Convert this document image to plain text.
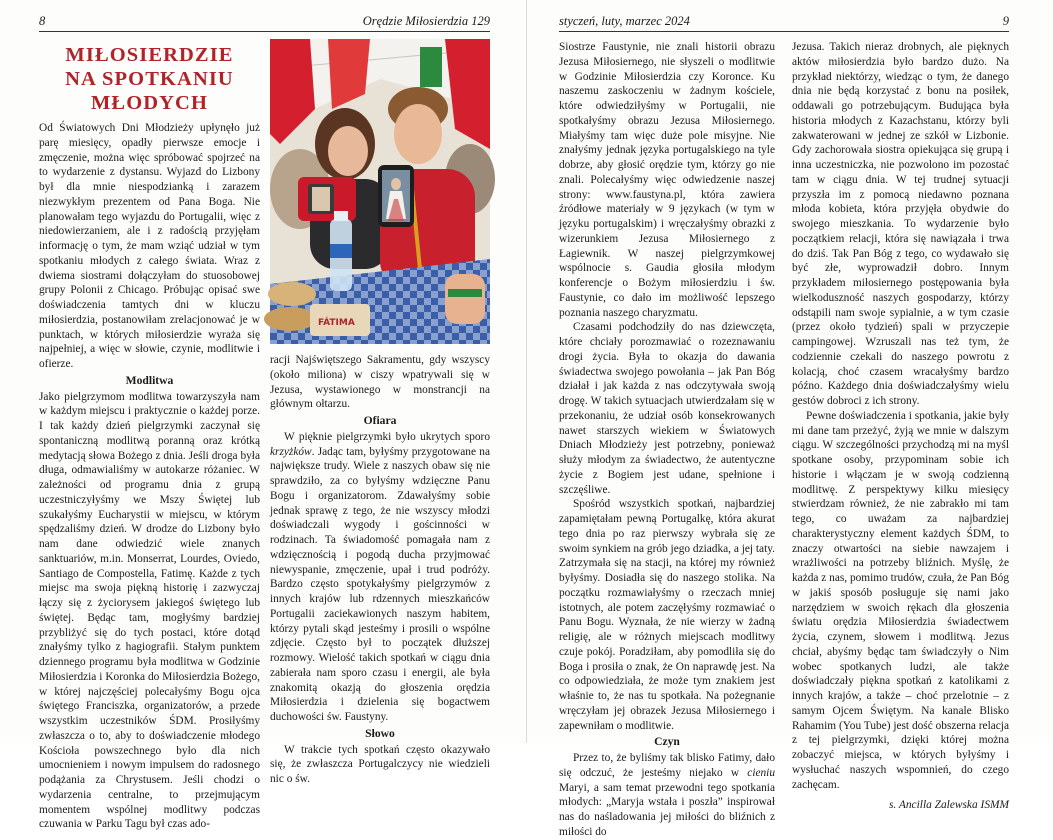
8	Orędzie Miłosierdzia 129
MIŁOSIERDZIE
NA SPOTKANIU MŁODYCH

Od Światowych Dni Młodzieży upłynęło już parę miesięcy, opadły pierwsze emocje i zmęczenie, można więc spróbować spojrzeć na to wydarzenie z dystansu. Wyjazd do Lizbony był dla mnie niespodzianką i zarazem niezwykłym prezentem od Pana Boga. Nie planowałam tego wyjazdu do Portugalii, więc z niedowierzaniem, ale i z radością przyjęłam informację o tym, że mam wziąć udział w tym spotkaniu młodych z całego świata. Wraz z dwiema siostrami dołączyłam do stuosobowej grupy Polonii z Chicago. Próbując opisać swe doświadczenia tamtych dni w kluczu miłosierdzia, postanowiłam zrelacjonować je w punktach, w których miłosierdzie wyraża się najpełniej, a więc w słowie, czynie, modlitwie i ofierze.

Modlitwa

Jako pielgrzymom modlitwa towarzyszyła nam w każdym miejscu i praktycznie o każdej porze. I tak każdy dzień pielgrzymki zaczynał się spontaniczną modlitwą poranną oraz krótką medytacją słowa Bożego z dnia. Jeśli droga była długa, odmawialiśmy w autokarze różaniec. W zależności od programu dnia z grupą uczestniczyłyśmy we Mszy Świętej lub szukałyśmy Eucharystii w miejscu, w którym spędzaliśmy dzień. W drodze do Lizbony było nam dane odwiedzić wiele znanych sanktuariów, m.in. Monserrat, Lourdes, Oviedo, Santiago de Compostella, Fatimę. Każde z tych miejsc ma swoja piękną historię i zazwyczaj łączy się z życiorysem jakiegoś świętego lub świętej. Będąc tam, mogłyśmy bardziej przybliżyć się do tych postaci, które dotąd znałyśmy tylko z hagiografii. Stałym punktem dziennego programu była modlitwa w Godzinie Miłosierdzia i Koronka do Miłosierdzia Bożego, w której najczęściej polecałyśmy Bogu ojca świętego Franciszka, organizatorów, a przede wszystkim uczestników ŚDM. Prosiłyśmy zwłaszcza o to, aby to doświadczenie młodego Kościoła powszechnego było dla nich umocnieniem i nowym impulsem do radosnego podążania za Chrystusem. Jeśli chodzi o wydarzenia centralne, to przejmującym momentem wspólnej modlitwy podczas czuwania w Parku Tagu był czas ado-

FÁTIMA

racji Najświętszego Sakramentu, gdy wszyscy (około miliona) w ciszy wpatrywali się w Jezusa, wystawionego w monstrancji na głównym ołtarzu.

Ofiara

W pięknie pielgrzymki było ukrytych sporo krzyżków. Jadąc tam, byłyśmy przygotowane na największe trudy. Wiele z naszych obaw się nie sprawdziło, za co byłyśmy wdzięczne Panu Bogu i organizatorom. Zdawałyśmy sobie jednak sprawę z tego, że nie wszyscy młodzi doświadczali wygody i gościnności w rodzinach. Ta świadomość pomagała nam z wdzięcznością i pogodą ducha przyjmować niewyspanie, zmęczenie, upał i trud podróży. Bardzo często spotykałyśmy pielgrzymów z innych krajów lub rdzennych mieszkańców Portugalii zaciekawionych naszym habitem, którzy pytali skąd jesteśmy i prosili o wspólne zdjęcie. Często był to początek dłuższej rozmowy. Wielość takich spotkań w ciągu dnia zabierała nam sporo czasu i energii, ale była znakomitą okazją do głoszenia orędzia Miłosierdzia i dzielenia się bogactwem duchowości św. Faustyny.

Słowo

W trakcie tych spotkań często okazywało się, że zwłaszcza Portugalczycy nie wiedzieli nic o św.

styczeń, luty, marzec 2024	9

Siostrze Faustynie, nie znali historii obrazu Jezusa Miłosiernego, nie słyszeli o modlitwie w Godzinie Miłosierdzia czy Koronce. Ku naszemu zaskoczeniu w żadnym kościele, które odwiedziłyśmy w Portugalii, nie spotkałyśmy obrazu Jezusa Miłosiernego. Miałyśmy tam więc duże pole misyjne. Nie znałyśmy jednak języka portugalskiego na tyle dobrze, aby głosić orędzie tym, którzy go nie znali. Polecałyśmy więc odwiedzenie naszej strony: www.faustyna.pl, która zawiera źródłowe materiały w 9 językach (w tym w języku portugalskim) i wręczałyśmy obrazki z wizerunkiem Jezusa Miłosiernego z Łagiewnik. W naszej pielgrzymkowej wspólnocie s. Gaudia głosiła młodym konferencje o Bożym miłosierdziu i św. Faustynie, co dało im możliwość lepszego poznania naszego charyzmatu.

Czasami podchodziły do nas dziewczęta, które chciały porozmawiać o rozeznawaniu drogi życia. Była to okazja do dawania świadectwa swojego powołania – jak Pan Bóg działał i jak każda z nas odczytywała swoją drogę. W takich sytuacjach utwierdzałam się w przekonaniu, że udział osób konsekrowanych nawet starszych wiekiem w Światowych Dniach Młodzieży jest potrzebny, ponieważ służy młodym za świadectwo, że autentyczne życie z Bogiem jest udane, spełnione i szczęśliwe.

Spośród wszystkich spotkań, najbardziej zapamiętałam pewną Portugalkę, która akurat tego dnia po raz pierwszy wybrała się ze swoim synkiem na grób jego dziadka, a jej taty. Zatrzymała się na stacji, na której my również byłyśmy. Dosiadła się do naszego stolika. Na początku rozmawiałyśmy o rzeczach mniej istotnych, ale potem zaczęłyśmy rozmawiać o Panu Bogu. Wyznała, że nie wierzy w żadną religię, ale w różnych miejscach modlitwy czuje pokój. Poradziłam, aby pomodliła się do Boga i prosiła o znak, że On naprawdę jest. Na co odpowiedziała, że może tym znakiem jest właśnie to, że nas tu spotkała. Na pożegnanie wręczyłam jej obrazek Jezusa Miłosiernego i zapewniłam o modlitwie.

Czyn

Przez to, że byliśmy tak blisko Fatimy, dało się odczuć, że jesteśmy niejako w cieniu Maryi, a sam temat przewodni tego spotkania młodych: „Maryja wstała i poszła” inspirował nas do naśladowania jej miłości do bliźnich z miłości do

Jezusa. Takich nieraz drobnych, ale pięknych aktów miłosierdzia było bardzo dużo. Na przykład niektórzy, wiedząc o tym, że danego dnia nie będą korzystać z bonu na posiłek, oddawali go potrzebującym. Budująca była historia młodych z Kazachstanu, którzy byli zakwaterowani w jednej ze szkół w Lizbonie. Gdy zachorowała siostra opiekująca się grupą i inna uczestniczka, nie pozwolono im pozostać tam w ciągu dnia. W tej trudnej sytuacji przyszła im z pomocą niedawno poznana młoda kobieta, która przyjęła obydwie do swojego mieszkania. To wydarzenie było początkiem relacji, która się nawiązała i trwa do dziś. Tak Pan Bóg z tego, co wydawało się być złe, wyprowadził dobro. Innym przykładem miłosiernego postępowania była wielkoduszność naszych gospodarzy, którzy odstąpili nam swoje sypialnie, a w tym czasie (przez około tydzień) spali w przyczepie campingowej. Wzruszali nas też tym, że codziennie czekali do naszego powrotu z kolacją, choć czasem wracałyśmy bardzo późno. Każdego dnia doświadczałyśmy wielu gestów dobroci z ich strony.

Pewne doświadczenia i spotkania, jakie były mi dane tam przeżyć, żyją we mnie w dalszym ciągu. W szczególności przychodzą mi na myśl spotkane osoby, przypominam sobie ich historie i włączam je w swoją codzienną modlitwę. Z perspektywy kilku miesięcy stwierdzam również, że nie zabrakło mi tam tego, co uważam za najbardziej charakterystyczny element każdych ŚDM, to znaczy otwartości na siebie nawzajem i wrażliwości na potrzeby bliźnich. Myślę, że każda z nas, pomimo trudów, czuła, że Pan Bóg w jakiś sposób posługuje się nami jako narzędziem w swoich rękach dla głoszenia światu orędzia Miłosierdzia świadectwem życia, czynem, słowem i modlitwą. Jezus chciał, abyśmy będąc tam świadczyły o Nim wobec spotkanych ludzi, ale także doświadczały piękna spotkań z katolikami z innych krajów, a także – choć przelotnie – z samym Ojcem Świętym. Na kanale Blisko Rahamim (You Tube) jest dość obszerna relacja z tej pielgrzymki, dzięki której można zobaczyć miejsca, w których byłyśmy i wysłuchać naszych wspomnień, do czego zachęcam.

s. Ancilla Zalewska ISMM
